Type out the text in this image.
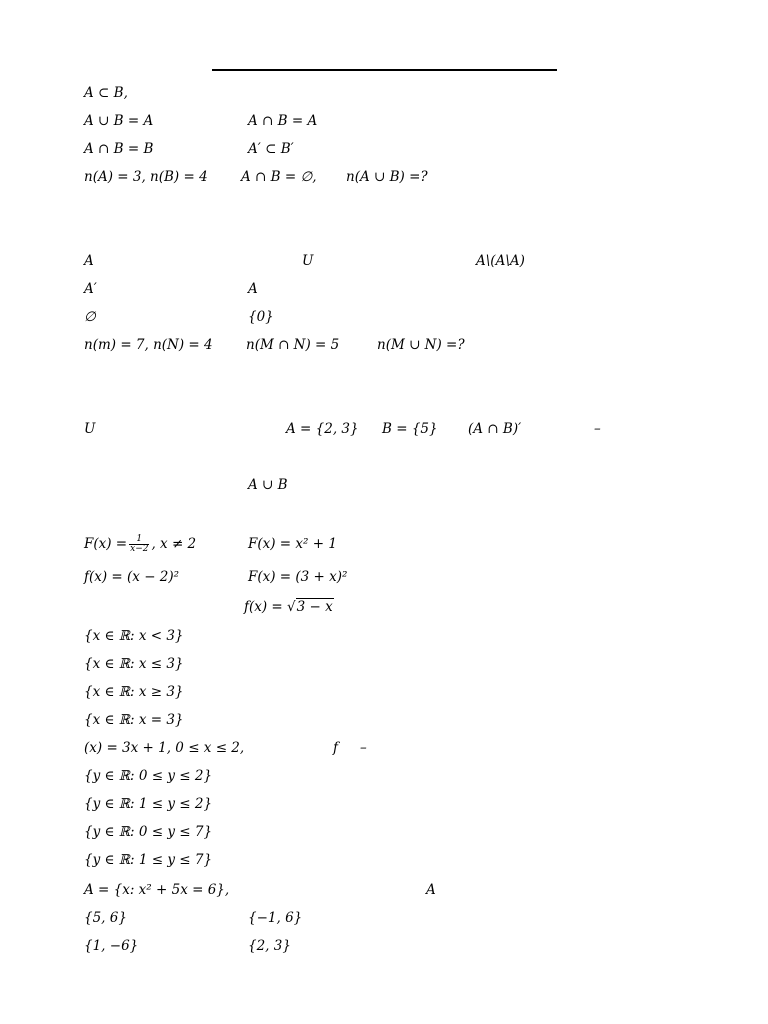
A ⊂ B,
A ∪ B = A	A ∩ B = A
A ∩ B = B	A′ ⊂ B′
n(A) = 3, n(B) = 4 A ∩ B = ∅, n(A ∪ B) =?
A	U	A\(A\A)
A′	A
∅	{0}
n(m) = 7, n(N) = 4 n(M ∩ N) = 5	n(M ∪ N) =?
U	A = {2, 3} B = {5} (A ∩ B)′	–
A ∪ B
$F(x) = \frac{1}{x-2}$ , x ≠ 2	F(x) = x² + 1
f(x) = (x − 2)²	F(x) = (3 + x)²
f(x) = √3 − x
{x ∈ ℝ: x < 3}
{x ∈ ℝ: x ≤ 3}
{x ∈ ℝ: x ≥ 3}
{x ∈ ℝ: x = 3}
(x) = 3x + 1, 0 ≤ x ≤ 2,	f –
{y ∈ ℝ: 0 ≤ y ≤ 2}
{y ∈ ℝ: 1 ≤ y ≤ 2}
{y ∈ ℝ: 0 ≤ y ≤ 7}
{y ∈ ℝ: 1 ≤ y ≤ 7}
A = {x: x² + 5x = 6},	A
{5, 6}	{−1, 6}
{1, −6}	{2, 3}
